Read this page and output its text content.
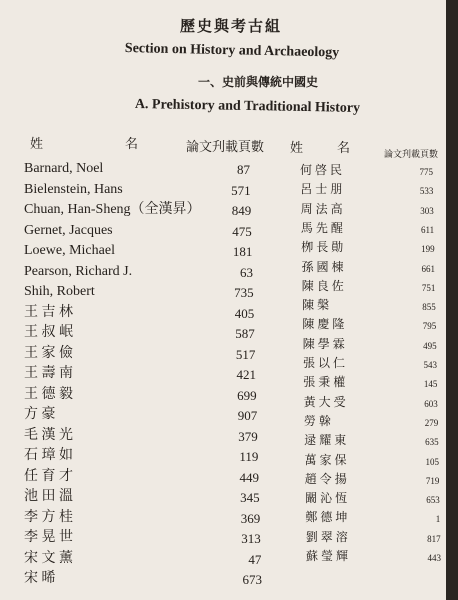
歷史與考古組
Section on History and Archaeology
一、史前與傳統中國史
A. Prehistory and Traditional History
姓	名	論文刋載頁數 姓	名	論文刋載頁數
Barnard, Noel	87
Bielenstein, Hans	571
Chuan, Han-Sheng（全漢昇）	849
Gernet, Jacques	475
Loewe, Michael	181
Pearson, Richard J.	63
Shih, Robert	735
王 吉 林	405
王 叔 岷	587
王 家 儉	517
王 壽 南	421
王 德 毅	699
方 豪	907
毛 漢 光	379
石 璋 如	119
任 育 才	449
池 田 溫	345
李 方 桂	369
李 晃 世	313
宋 文 薰	47
宋 晞	673
何啓民	775
呂士朋	533
周法高	303
馬先醒	611
栁長勛	199
孫國棟	661
陳良佐	751
陳槃	855
陳慶隆	795
陳學霖	495
張以仁	543
張秉權	145
黃大受	603
勞榦	279
逯耀東	635
萬家保	105
趙令揚	719
闞沁恆	653
鄭德坤	1
劉翠溶	817
蘇瑩輝	443
